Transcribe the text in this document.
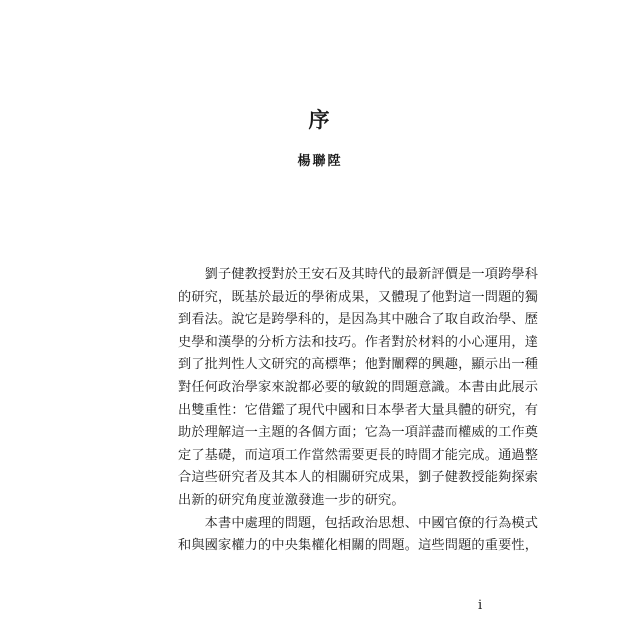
序
楊聯陞
　　劉子健教授對於王安石及其時代的最新評價是一項跨學科
的研究，既基於最近的學術成果，又體現了他對這一問題的獨
到看法。說它是跨學科的，是因為其中融合了取自政治學、歷
史學和漢學的分析方法和技巧。作者對於材料的小心運用，達
到了批判性人文研究的高標準；他對闡釋的興趣，顯示出一種
對任何政治學家來說都必要的敏銳的問題意識。本書由此展示
出雙重性：它借鑑了現代中國和日本學者大量具體的研究，有
助於理解這一主題的各個方面；它為一項詳盡而權威的工作奠
定了基礎，而這項工作當然需要更長的時間才能完成。通過整
合這些研究者及其本人的相關研究成果，劉子健教授能夠探索
出新的研究角度並激發進一步的研究。
　　本書中處理的問題，包括政治思想、中國官僚的行為模式
和與國家權力的中央集權化相關的問題。這些問題的重要性，
i
